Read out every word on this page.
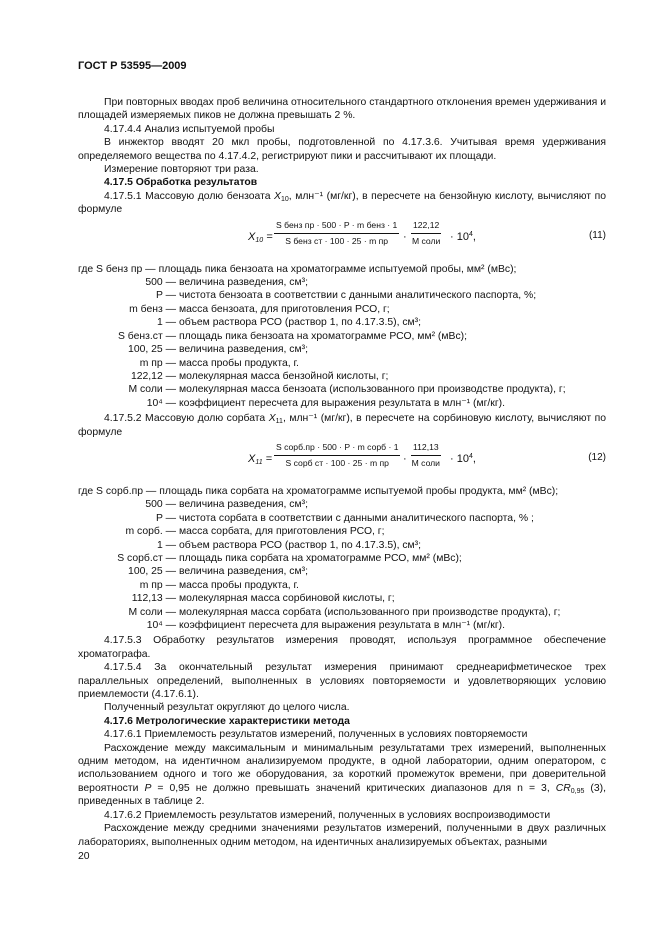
ГОСТ Р 53595—2009

При повторных вводах проб величина относительного стандартного отклонения времен удерживания и площадей измеряемых пиков не должна превышать 2 %.

4.17.4.4 Анализ испытуемой пробы

В инжектор вводят 20 мкл пробы, подготовленной по 4.17.3.6. Учитывая время удерживания определяемого вещества по 4.17.4.2, регистрируют пики и рассчитывают их площади.

Измерение повторяют три раза.

4.17.5 Обработка результатов

4.17.5.1 Массовую долю бензоата $X_{10}$, млн⁻¹ (мг/кг), в пересчете на бензойную кислоту, вычисляют по формуле

$X_{10}$ =
S бенз пр · 500 · P · m бенз · 1
S бенз ст · 100 · 25 · m пр	·
122,12
M соли · $10^4$,	(11)
где S бенз пр — площадь пика бензоата на хроматограмме испытуемой пробы, мм² (мВс);
500 — величина разведения, см³;
P — чистота бензоата в соответствии с данными аналитического паспорта, %;
m бенз — масса бензоата, для приготовления РСО, г;
1 — объем раствора РСО (раствор 1, по 4.17.3.5), см³;
S бенз.ст — площадь пика бензоата на хроматограмме РСО, мм² (мВс);
100, 25 — величина разведения, см³;
m пр — масса пробы продукта, г.
122,12 — молекулярная масса бензойной кислоты, г;
M соли — молекулярная масса бензоата (использованного при производстве продукта), г;
10⁴ — коэффициент пересчета для выражения результата в млн⁻¹ (мг/кг).

4.17.5.2 Массовую долю сорбата $X_{11}$, млн⁻¹ (мг/кг), в пересчете на сорбиновую кислоту, вычисляют по формуле

$X_{11}$ =
S сорб.пр · 500 · P · m сорб · 1
S сорб ст · 100 · 25 · m пр	·
112,13
M соли · $10^4$,	(12)
где S сорб.пр — площадь пика сорбата на хроматограмме испытуемой пробы продукта, мм² (мВс);
500 — величина разведения, см³;
P — чистота сорбата в соответствии с данными аналитического паспорта, % ;
m сорб. — масса сорбата, для приготовления РСО, г;
1 — объем раствора РСО (раствор 1, по 4.17.3.5), см³;
S сорб.ст — площадь пика сорбата на хроматограмме РСО, мм² (мВс);
100, 25 — величина разведения, см³;
m пр — масса пробы продукта, г.
112,13 — молекулярная масса сорбиновой кислоты, г;
M соли — молекулярная масса сорбата (использованного при производстве продукта), г;
10⁴ — коэффициент пересчета для выражения результата в млн⁻¹ (мг/кг).

4.17.5.3 Обработку результатов измерения проводят, используя программное обеспечение хроматографа.

4.17.5.4 За окончательный результат измерения принимают среднеарифметическое трех параллельных определений, выполненных в условиях повторяемости и удовлетворяющих условию приемлемости (4.17.6.1).

Полученный результат округляют до целого числа.

4.17.6 Метрологические характеристики метода

4.17.6.1 Приемлемость результатов измерений, полученных в условиях повторяемости

Расхождение между максимальным и минимальным результатами трех измерений, выполненных одним методом, на идентичном анализируемом продукте, в одной лаборатории, одним оператором, с использованием одного и того же оборудования, за короткий промежуток времени, при доверительной вероятности P = 0,95 не должно превышать значений критических диапазонов для n = 3, $CR_{0,95}$ (3), приведенных в таблице 2.

4.17.6.2 Приемлемость результатов измерений, полученных в условиях воспроизводимости

Расхождение между средними значениями результатов измерений, полученными в двух различных лабораториях, выполненных одним методом, на идентичных анализируемых объектах, разными

20
